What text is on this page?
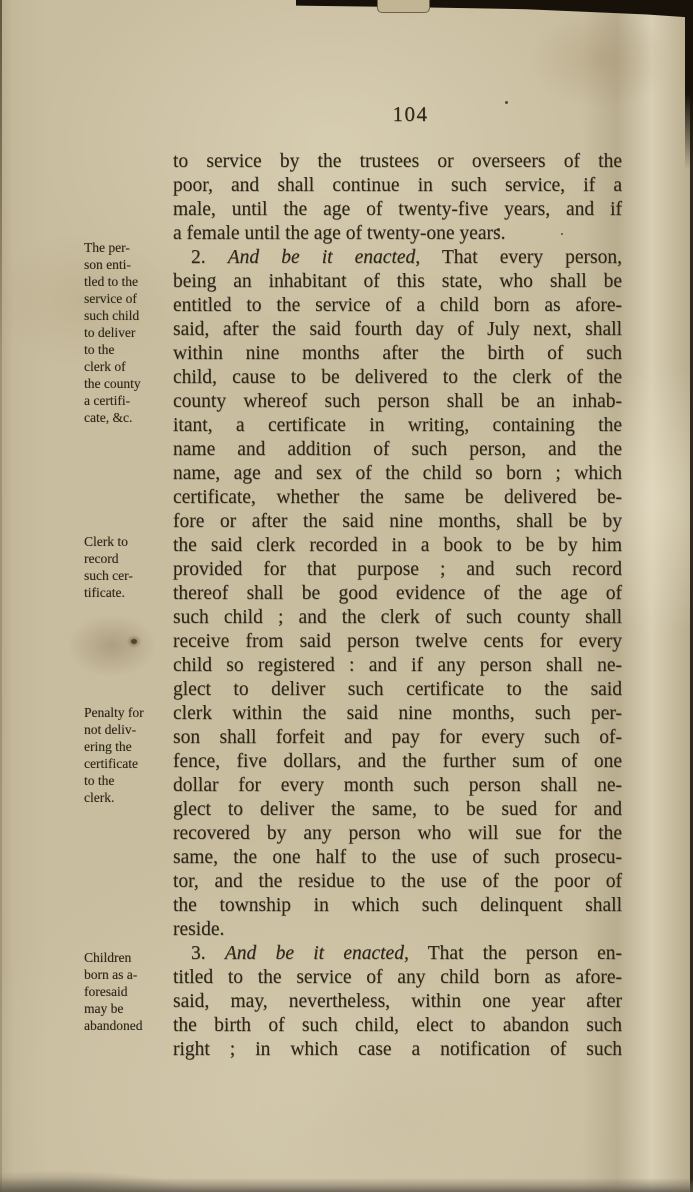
104
The per-
son enti-
tled to the
service of
such child
to deliver
to the
clerk of
the county
a certifi-
cate, &c.
Clerk to
record
such cer-
tificate.
Penalty for
not deliv-
ering the
certificate
to the
clerk.
Children
born as a-
foresaid
may be
abandoned
to service by the trustees or overseers of the
poor, and shall continue in such service, if a
male, until the age of twenty-five years, and if
a female until the age of twenty-one years.
2. And be it enacted, That every person,
being an inhabitant of this state, who shall be
entitled to the service of a child born as afore-
said, after the said fourth day of July next, shall
within nine months after the birth of such
child, cause to be delivered to the clerk of the
county whereof such person shall be an inhab-
itant, a certificate in writing, containing the
name and addition of such person, and the
name, age and sex of the child so born ; which
certificate, whether the same be delivered be-
fore or after the said nine months, shall be by
the said clerk recorded in a book to be by him
provided for that purpose ; and such record
thereof shall be good evidence of the age of
such child ; and the clerk of such county shall
receive from said person twelve cents for every
child so registered : and if any person shall ne-
glect to deliver such certificate to the said
clerk within the said nine months, such per-
son shall forfeit and pay for every such of-
fence, five dollars, and the further sum of one
dollar for every month such person shall ne-
glect to deliver the same, to be sued for and
recovered by any person who will sue for the
same, the one half to the use of such prosecu-
tor, and the residue to the use of the poor of
the township in which such delinquent shall
reside.
3. And be it enacted, That the person en-
titled to the service of any child born as afore-
said, may, nevertheless, within one year after
the birth of such child, elect to abandon such
right ; in which case a notification of such
